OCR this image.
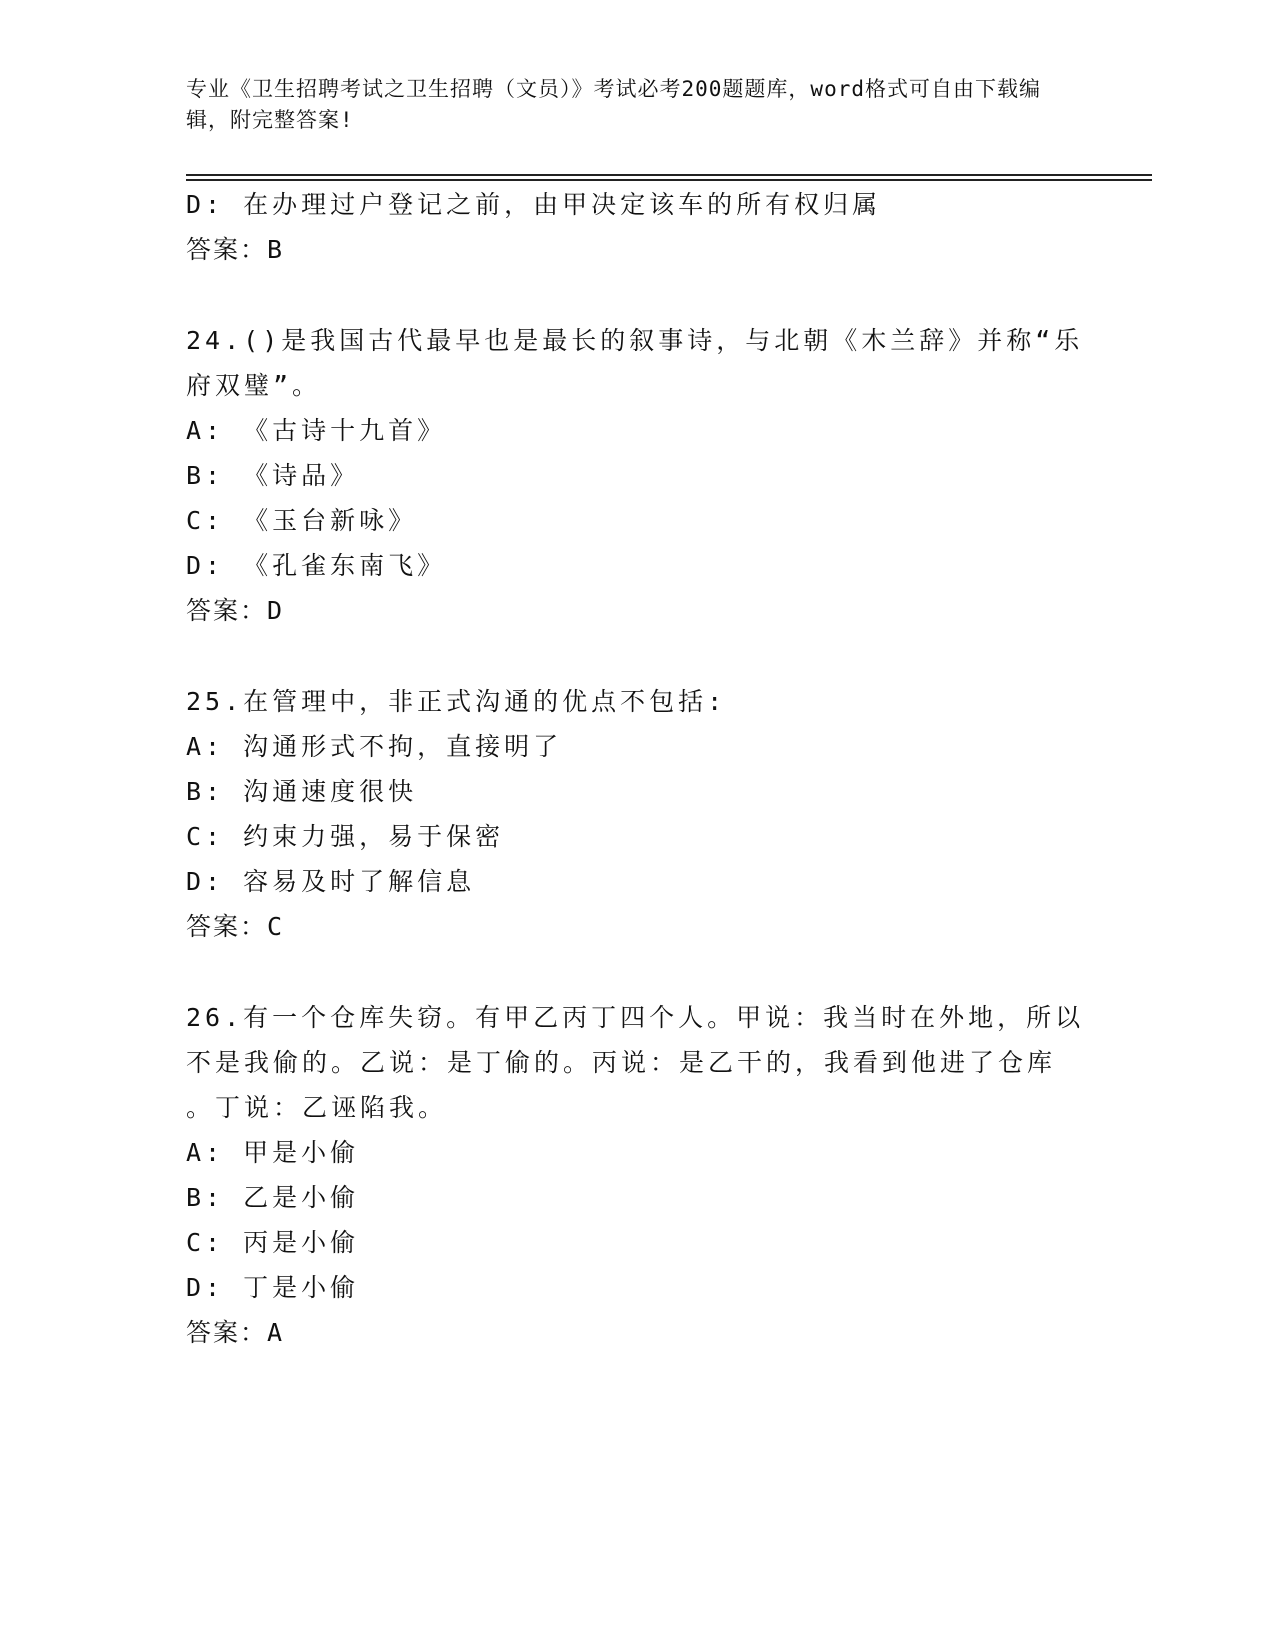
专业《卫生招聘考试之卫生招聘（文员）》考试必考200题题库，word格式可自由下载编辑，附完整答案!
D: 在办理过户登记之前，由甲决定该车的所有权归属
答案：B
24.()是我国古代最早也是最长的叙事诗，与北朝《木兰辞》并称“乐
府双璧”。
A: 《古诗十九首》
B: 《诗品》
C: 《玉台新咏》
D: 《孔雀东南飞》
答案：D
25.在管理中，非正式沟通的优点不包括:
A: 沟通形式不拘，直接明了
B: 沟通速度很快
C: 约束力强，易于保密
D: 容易及时了解信息
答案：C
26.有一个仓库失窃。有甲乙丙丁四个人。甲说：我当时在外地，所以
不是我偷的。乙说：是丁偷的。丙说：是乙干的，我看到他进了仓库
。丁说：乙诬陷我。
A: 甲是小偷
B: 乙是小偷
C: 丙是小偷
D: 丁是小偷
答案：A
